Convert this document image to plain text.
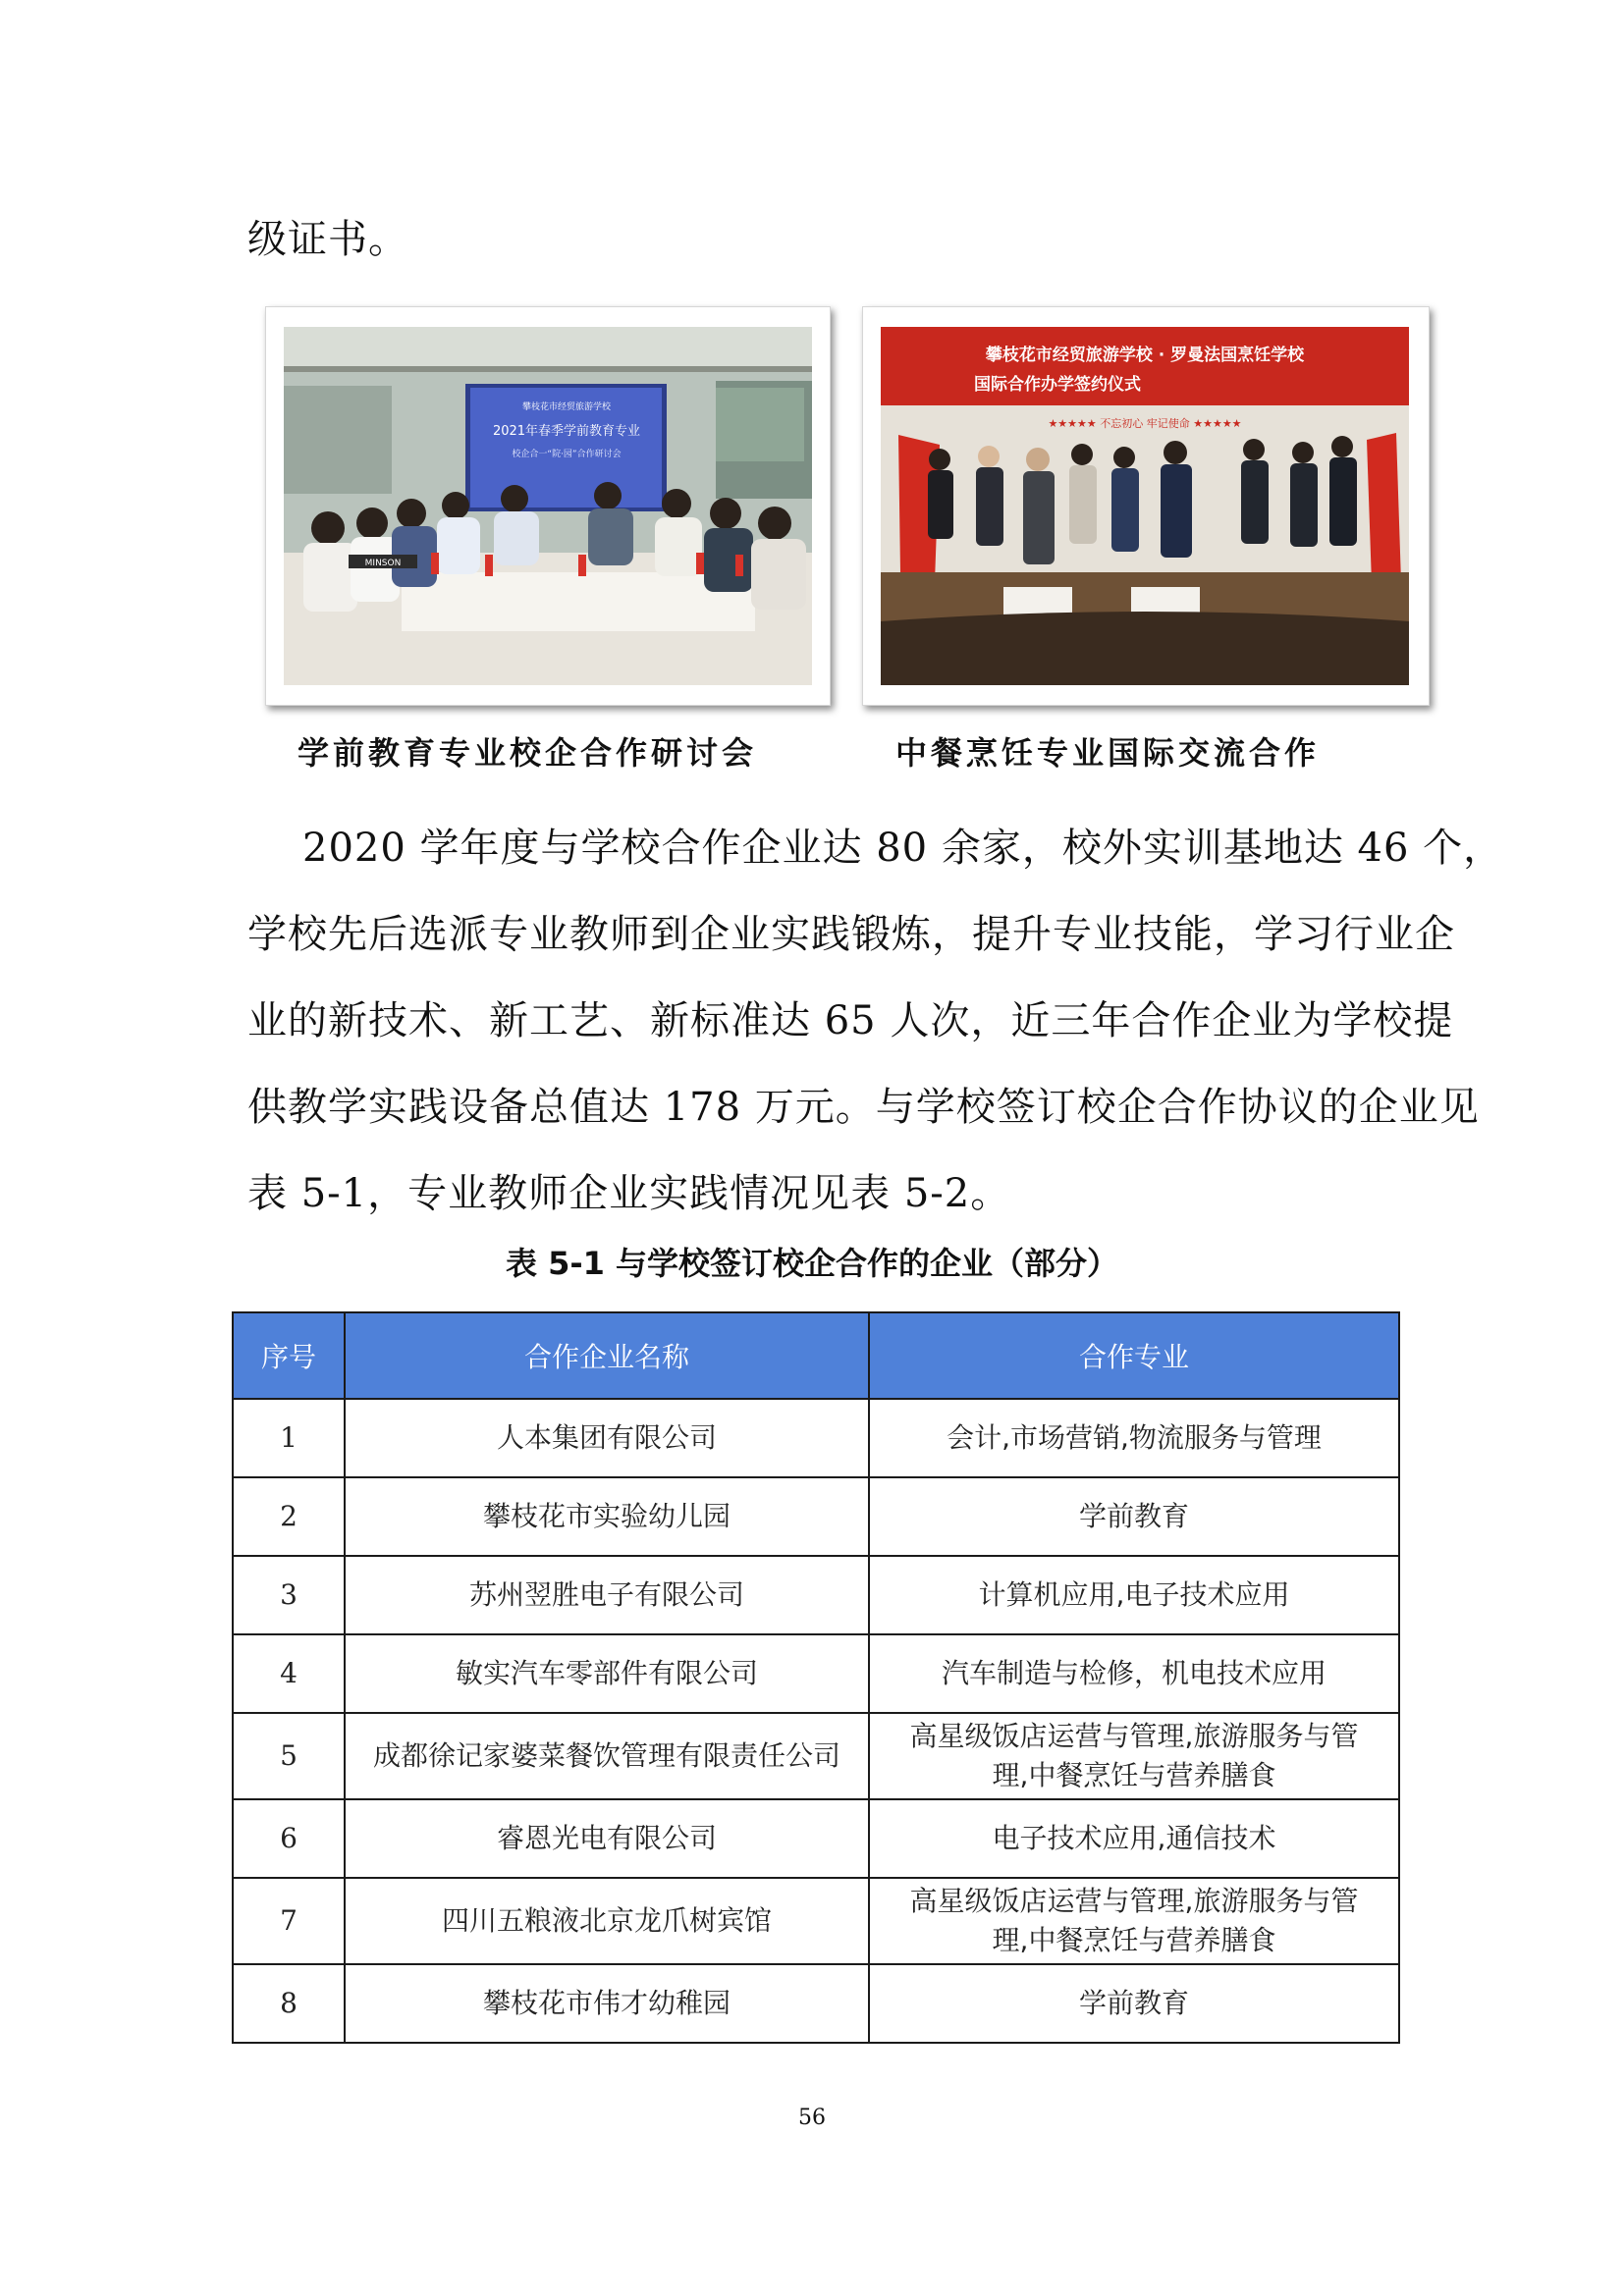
级证书。
攀枝花市经贸旅游学校
2021年春季学前教育专业
校企合一“院·园”合作研讨会
MINSON
攀枝花市经贸旅游学校 · 罗曼法国烹饪学校
国际合作办学签约仪式
★★★★★ 不忘初心 牢记使命 ★★★★★
学前教育专业校企合作研讨会	中餐烹饪专业国际交流合作
2020 学年度与学校合作企业达 80 余家，校外实训基地达 46 个，
学校先后选派专业教师到企业实践锻炼，提升专业技能，学习行业企
业的新技术、新工艺、新标准达 65 人次，近三年合作企业为学校提
供教学实践设备总值达 178 万元。与学校签订校企合作协议的企业见
表 5-1，专业教师企业实践情况见表 5-2。
表 5-1 与学校签订校企合作的企业（部分）
序号	合作企业名称	合作专业
1	人本集团有限公司	会计,市场营销,物流服务与管理
2	攀枝花市实验幼儿园	学前教育
3	苏州翌胜电子有限公司	计算机应用,电子技术应用
4	敏实汽车零部件有限公司	汽车制造与检修，机电技术应用
5	成都徐记家婆菜餐饮管理有限责任公司	高星级饭店运营与管理,旅游服务与管
理,中餐烹饪与营养膳食

6	睿恩光电有限公司	电子技术应用,通信技术
7	四川五粮液北京龙爪树宾馆	高星级饭店运营与管理,旅游服务与管
理,中餐烹饪与营养膳食

8	攀枝花市伟才幼稚园	学前教育
56
